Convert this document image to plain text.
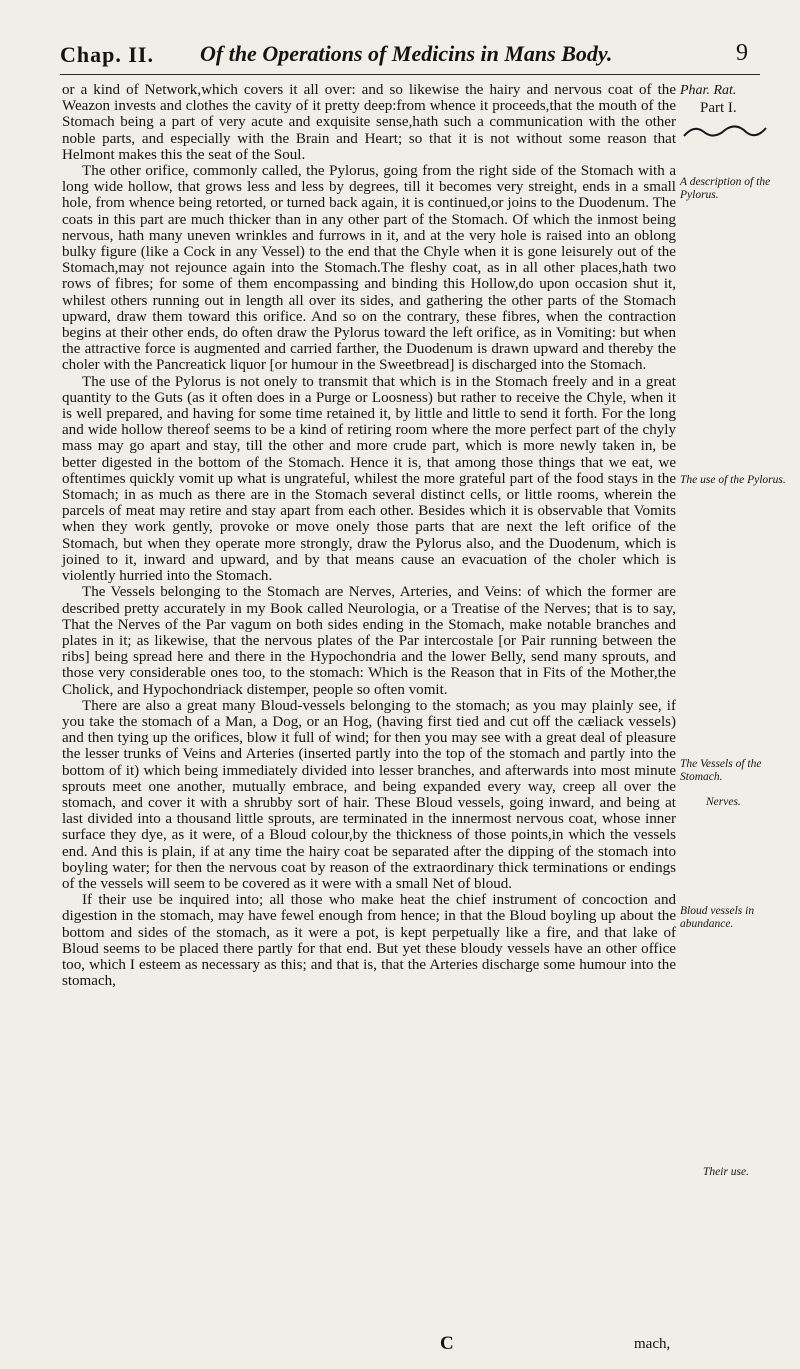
Chap. II. Of the Operations of Medicins in Mans Body.	9
Phar. Rat.
Part I.
A description of the Pylorus.
The use of the Pylorus.
The Vessels of the Stomach.
Nerves.
Bloud vessels in abundance.
Their use.

or a kind of Network,which covers it all over: and so likewise the hairy and nervous coat of the Weazon invests and clothes the cavity of it pretty deep:from whence it proceeds,that the mouth of the Stomach being a part of very acute and exquisite sense,hath such a communication with the other noble parts, and especially with the Brain and Heart; so that it is not without some reason that Helmont makes this the seat of the Soul.

The other orifice, commonly called, the Pylorus, going from the right side of the Stomach with a long wide hollow, that grows less and less by degrees, till it becomes very streight, ends in a small hole, from whence being retorted, or turned back again, it is continued,or joins to the Duodenum. The coats in this part are much thicker than in any other part of the Stomach. Of which the inmost being nervous, hath many uneven wrinkles and furrows in it, and at the very hole is raised into an oblong bulky figure (like a Cock in any Vessel) to the end that the Chyle when it is gone leisurely out of the Stomach,may not rejounce again into the Stomach.The fleshy coat, as in all other places,hath two rows of fibres; for some of them encompassing and binding this Hollow,do upon occasion shut it, whilest others running out in length all over its sides, and gathering the other parts of the Stomach upward, draw them toward this orifice. And so on the contrary, these fibres, when the contraction begins at their other ends, do often draw the Pylorus toward the left orifice, as in Vomiting: but when the attractive force is augmented and carried farther, the Duodenum is drawn upward and thereby the choler with the Pancreatick liquor [or humour in the Sweetbread] is discharged into the Stomach.

The use of the Pylorus is not onely to transmit that which is in the Stomach freely and in a great quantity to the Guts (as it often does in a Purge or Loosness) but rather to receive the Chyle, when it is well prepared, and having for some time retained it, by little and little to send it forth. For the long and wide hollow thereof seems to be a kind of retiring room where the more perfect part of the chyly mass may go apart and stay, till the other and more crude part, which is more newly taken in, be better digested in the bottom of the Stomach. Hence it is, that among those things that we eat, we oftentimes quickly vomit up what is ungrateful, whilest the more grateful part of the food stays in the Stomach; in as much as there are in the Stomach several distinct cells, or little rooms, wherein the parcels of meat may retire and stay apart from each other. Besides which it is observable that Vomits when they work gently, provoke or move onely those parts that are next the left orifice of the Stomach, but when they operate more strongly, draw the Pylorus also, and the Duodenum, which is joined to it, inward and upward, and by that means cause an evacuation of the choler which is violently hurried into the Stomach.

The Vessels belonging to the Stomach are Nerves, Arteries, and Veins: of which the former are described pretty accurately in my Book called Neurologia, or a Treatise of the Nerves; that is to say, That the Nerves of the Par vagum on both sides ending in the Stomach, make notable branches and plates in it; as likewise, that the nervous plates of the Par intercostale [or Pair running between the ribs] being spread here and there in the Hypochondria and the lower Belly, send many sprouts, and those very considerable ones too, to the stomach: Which is the Reason that in Fits of the Mother,the Cholick, and Hypochondriack distemper, people so often vomit.

There are also a great many Bloud-vessels belonging to the stomach; as you may plainly see, if you take the stomach of a Man, a Dog, or an Hog, (having first tied and cut off the cæliack vessels) and then tying up the orifices, blow it full of wind; for then you may see with a great deal of pleasure the lesser trunks of Veins and Arteries (inserted partly into the top of the stomach and partly into the bottom of it) which being immediately divided into lesser branches, and afterwards into most minute sprouts meet one another, mutually embrace, and being expanded every way, creep all over the stomach, and cover it with a shrubby sort of hair. These Bloud vessels, going inward, and being at last divided into a thousand little sprouts, are terminated in the innermost nervous coat, whose inner surface they dye, as it were, of a Bloud colour,by the thickness of those points,in which the vessels end. And this is plain, if at any time the hairy coat be separated after the dipping of the stomach into boyling water; for then the nervous coat by reason of the extraordinary thick terminations or endings of the vessels will seem to be covered as it were with a small Net of bloud.

If their use be inquired into; all those who make heat the chief instrument of concoction and digestion in the stomach, may have fewel enough from hence; in that the Bloud boyling up about the bottom and sides of the stomach, as it were a pot, is kept perpetually like a fire, and that lake of Bloud seems to be placed there partly for that end. But yet these bloudy vessels have an other office too, which I esteem as necessary as this; and that is, that the Arteries discharge some humour into the stomach,

C	mach,
